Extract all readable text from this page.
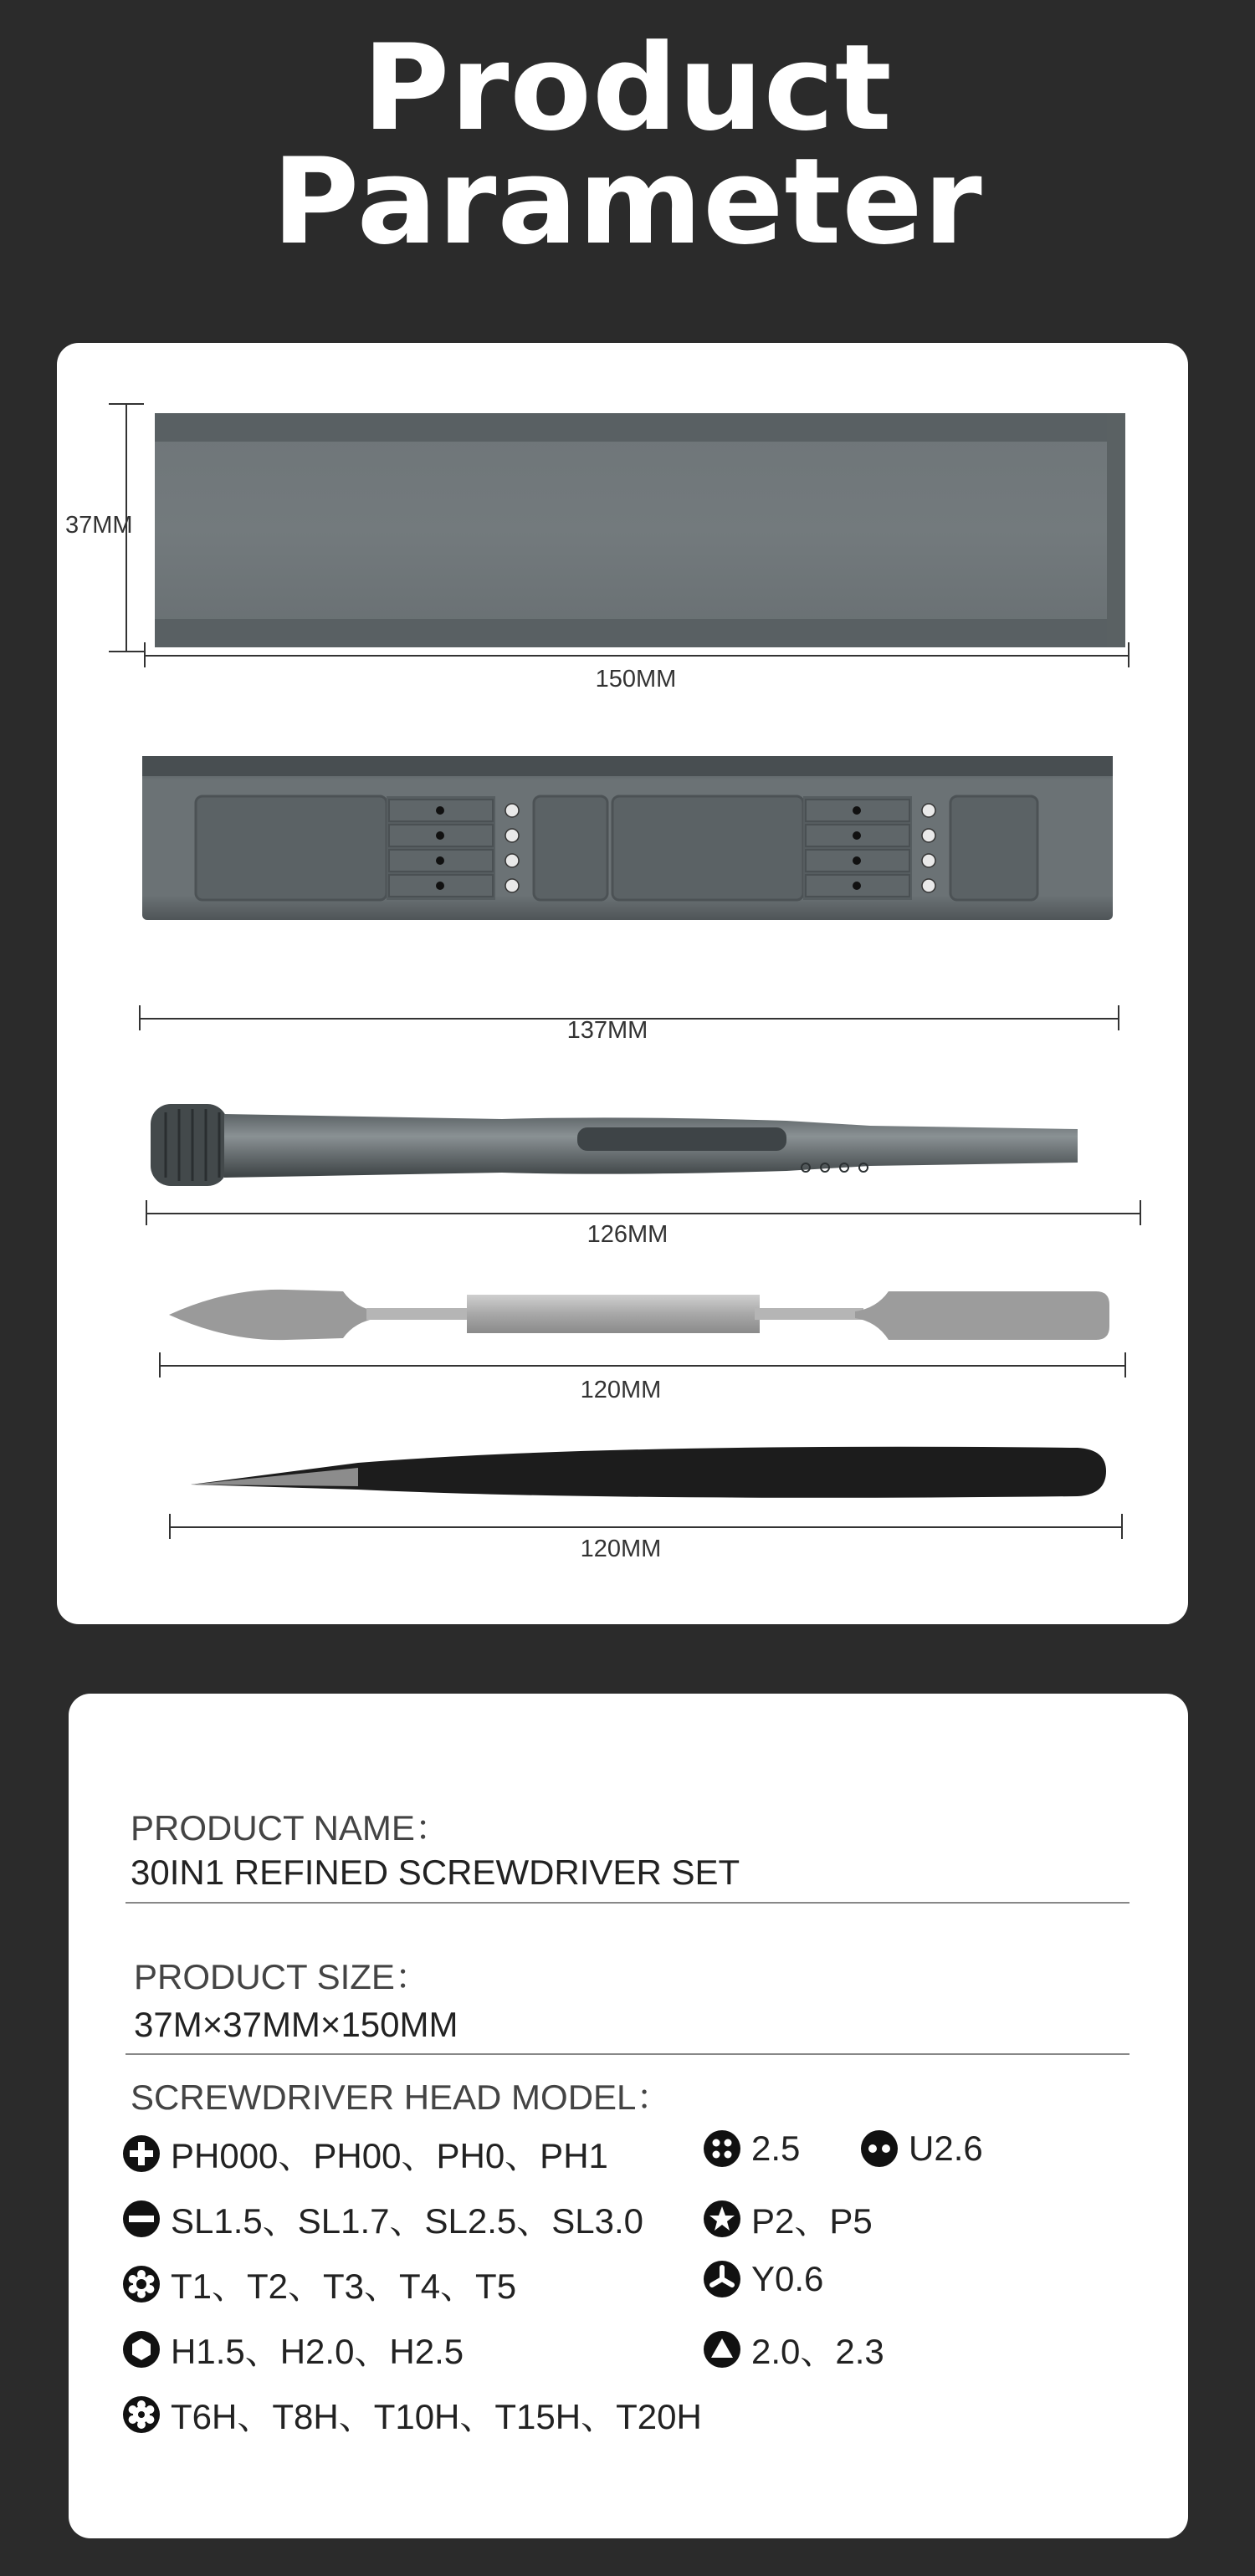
Product
Parameter
37MM
150MM
137MM
126MM
120MM
120MM
PRODUCT NAME：
30IN1 REFINED SCREWDRIVER SET
PRODUCT SIZE：
37M×37MM×150MM
SCREWDRIVER HEAD MODEL：
PH000、PH00、PH0、PH1	2.5	U2.6
SL1.5、SL1.7、SL2.5、SL3.0	P2、P5
T1、T2、T3、T4、T5	Y0.6
H1.5、H2.0、H2.5	2.0、2.3
T6H、T8H、T10H、T15H、T20H
